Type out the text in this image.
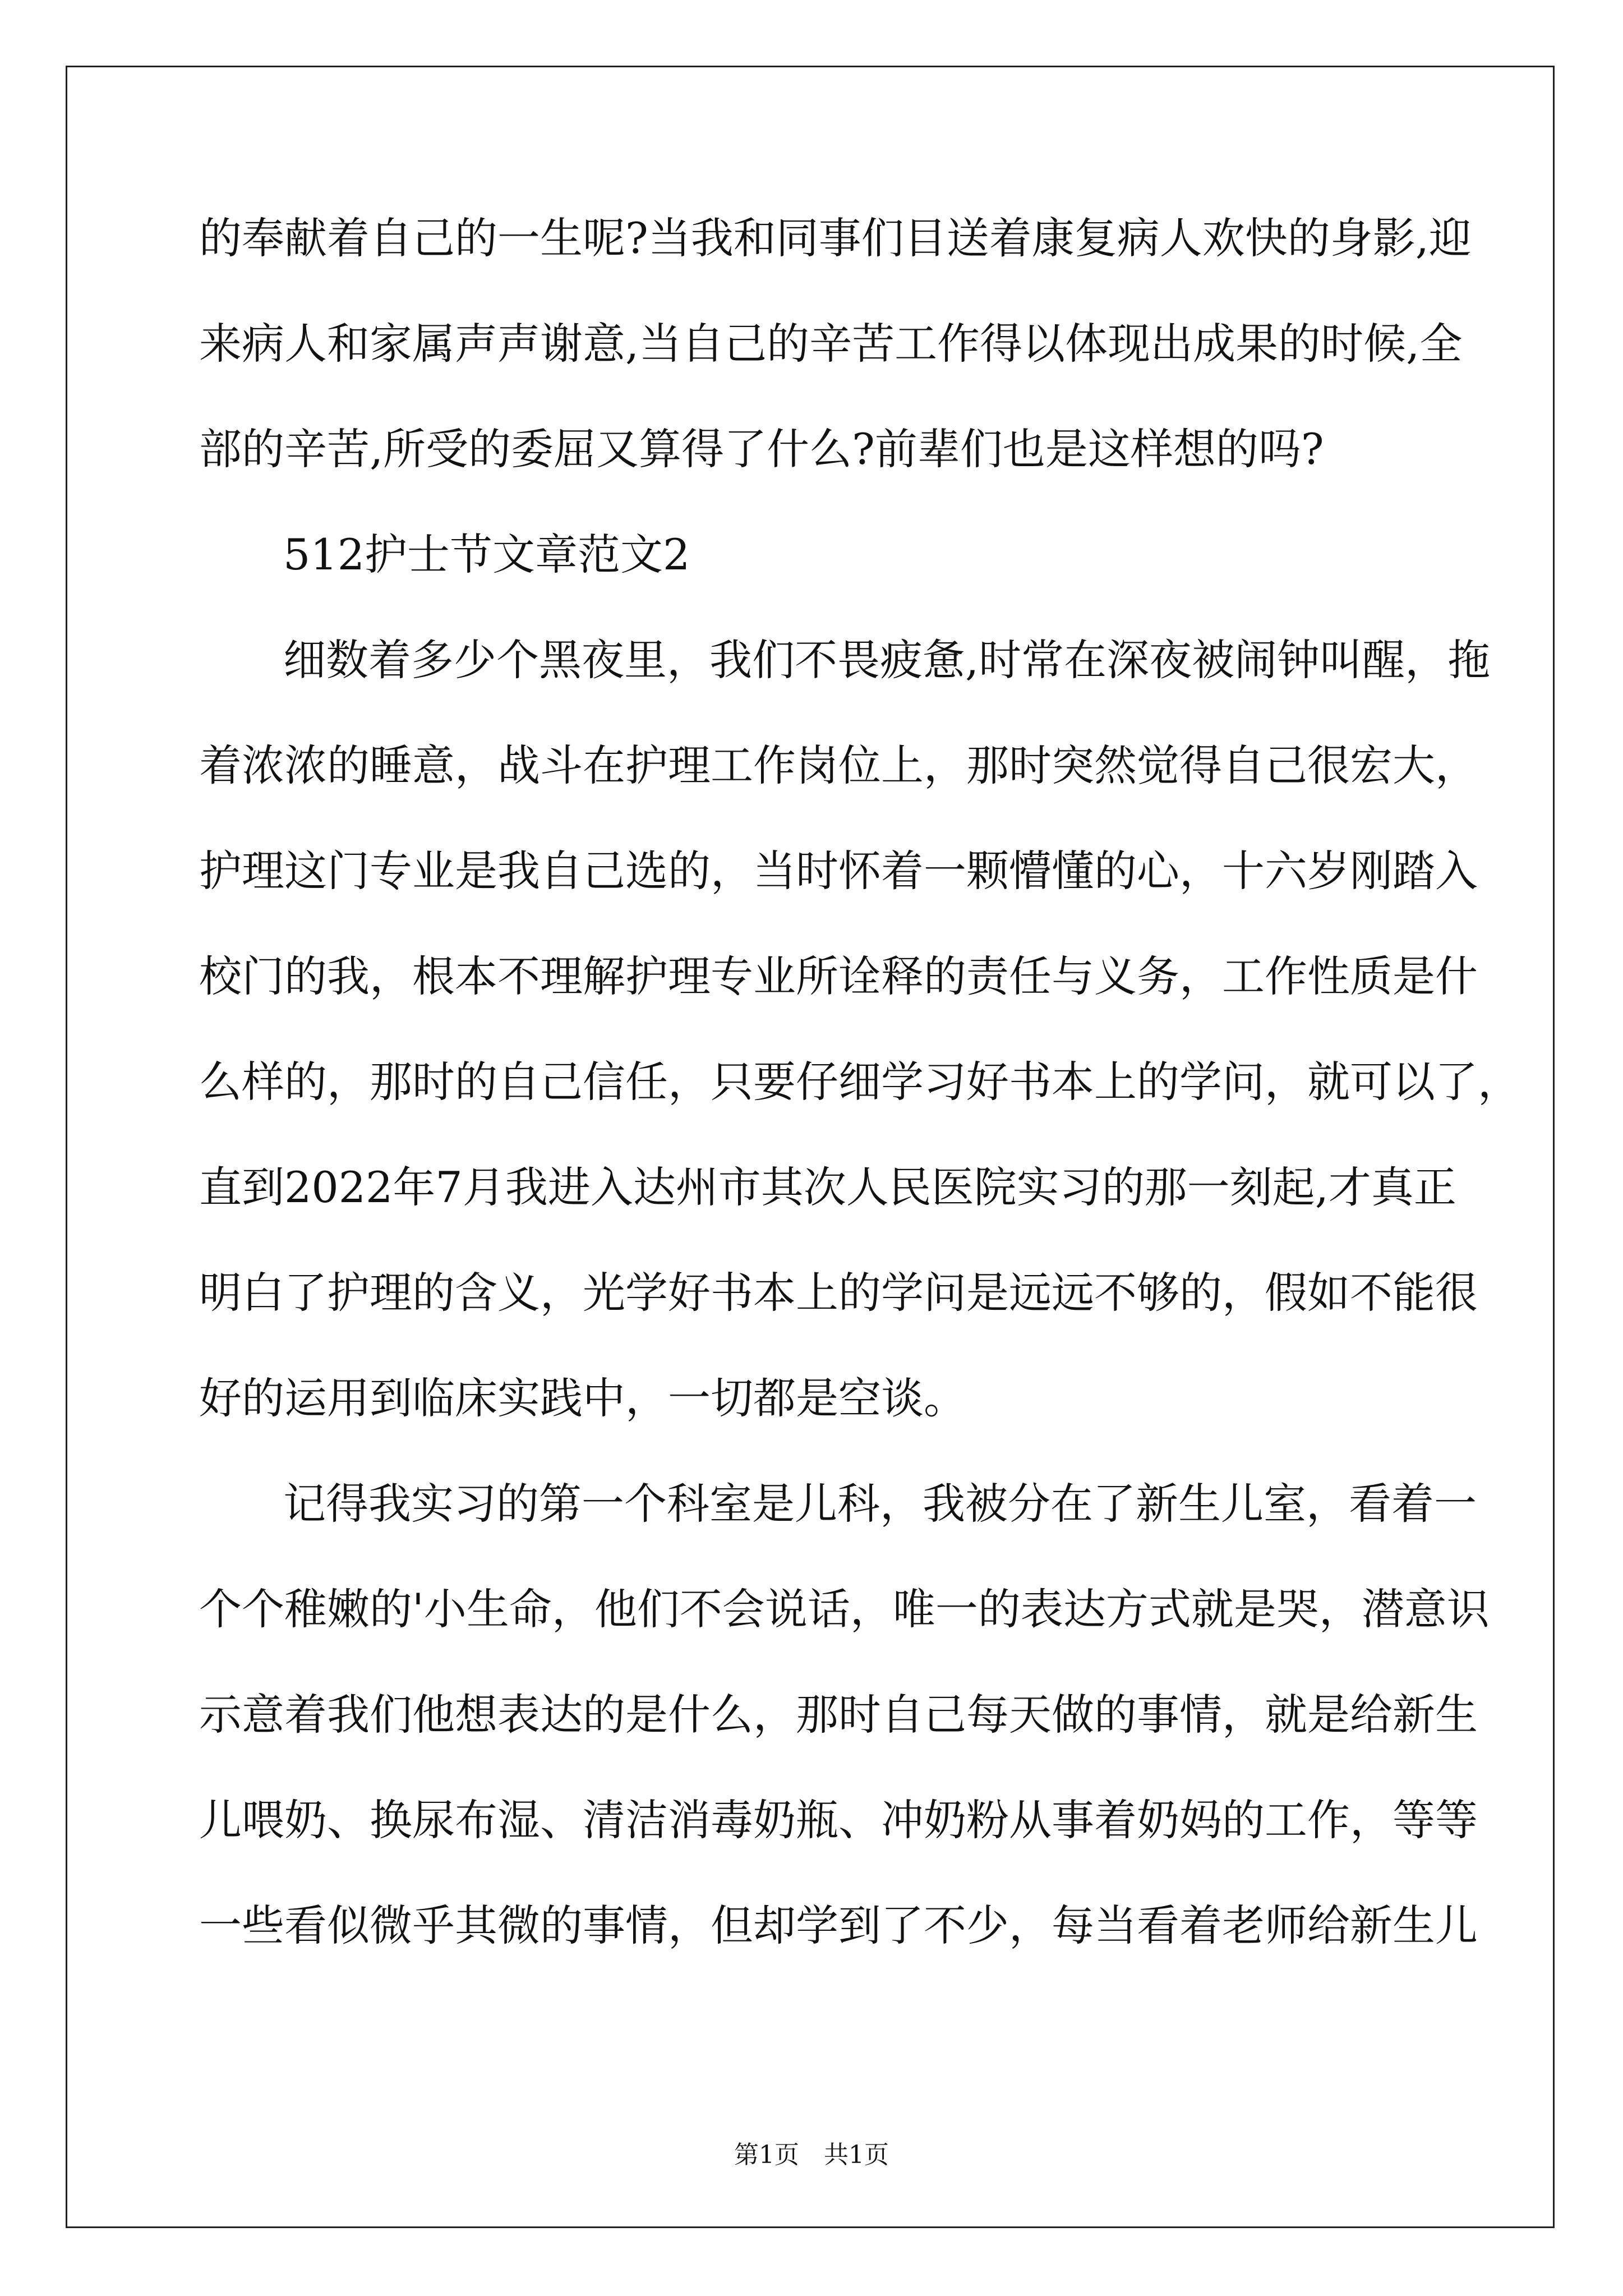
的奉献着自己的一生呢?当我和同事们目送着康复病人欢快的身影,迎
来病人和家属声声谢意,当自己的辛苦工作得以体现出成果的时候,全
部的辛苦,所受的委屈又算得了什么?前辈们也是这样想的吗?
512护士节文章范文2
细数着多少个黑夜里，我们不畏疲惫,时常在深夜被闹钟叫醒，拖
着浓浓的睡意，战斗在护理工作岗位上，那时突然觉得自己很宏大，
护理这门专业是我自己选的，当时怀着一颗懵懂的心，十六岁刚踏入
校门的我，根本不理解护理专业所诠释的责任与义务，工作性质是什
么样的，那时的自己信任，只要仔细学习好书本上的学问，就可以了，
直到2022年7月我进入达州市其次人民医院实习的那一刻起,才真正
明白了护理的含义，光学好书本上的学问是远远不够的，假如不能很
好的运用到临床实践中，一切都是空谈。
记得我实习的第一个科室是儿科，我被分在了新生儿室，看着一
个个稚嫩的'小生命，他们不会说话，唯一的表达方式就是哭，潜意识
示意着我们他想表达的是什么，那时自己每天做的事情，就是给新生
儿喂奶、换尿布湿、清洁消毒奶瓶、冲奶粉从事着奶妈的工作，等等
一些看似微乎其微的事情，但却学到了不少，每当看着老师给新生儿
第1页　共1页
